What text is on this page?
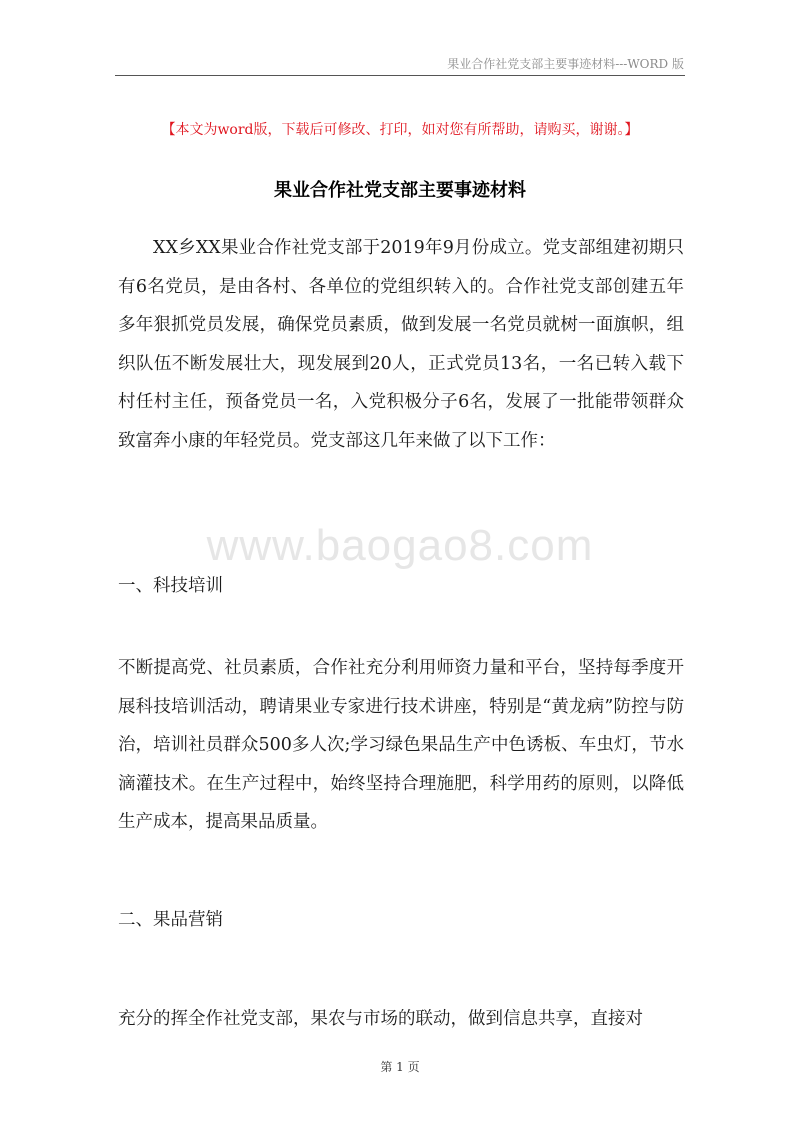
果业合作社党支部主要事迹材料---WORD 版
【本文为word版，下载后可修改、打印，如对您有所帮助，请购买，谢谢。】
果业合作社党支部主要事迹材料

XX乡XX果业合作社党支部于2019年9月份成立。党支部组建初期只有6名党员，是由各村、各单位的党组织转入的。合作社党支部创建五年多年狠抓党员发展，确保党员素质，做到发展一名党员就树一面旗帜，组织队伍不断发展壮大，现发展到20人，正式党员13名，一名已转入载下村任村主任，预备党员一名，入党积极分子6名，发展了一批能带领群众致富奔小康的年轻党员。党支部这几年来做了以下工作：

www.baogao8.com
一、科技培训

不断提高党、社员素质，合作社充分利用师资力量和平台，坚持每季度开展科技培训活动，聘请果业专家进行技术讲座，特别是“黄龙病”防控与防治，培训社员群众500多人次;学习绿色果品生产中色诱板、车虫灯，节水滴灌技术。在生产过程中，始终坚持合理施肥，科学用药的原则，以降低生产成本，提高果品质量。

二、果品营销

充分的挥全作社党支部，果农与市场的联动，做到信息共享，直接对

第 1 页
